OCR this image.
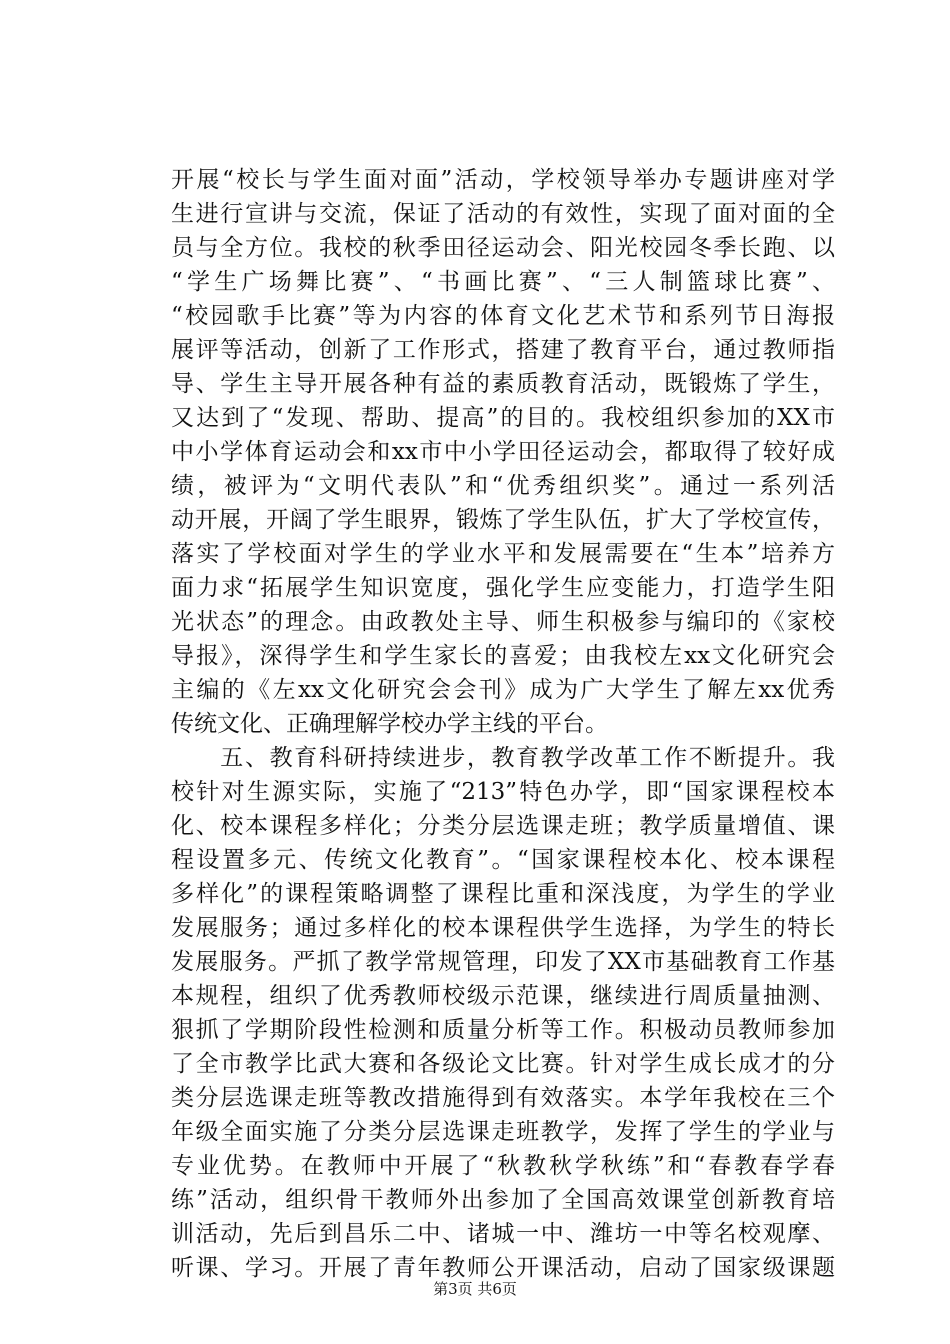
开展“校长与学生面对面”活动，学校领导举办专题讲座对学
生进行宣讲与交流，保证了活动的有效性，实现了面对面的全
员与全方位。我校的秋季田径运动会、阳光校园冬季长跑、以
“学生广场舞比赛”、“书画比赛”、“三人制篮球比赛”、
“校园歌手比赛”等为内容的体育文化艺术节和系列节日海报
展评等活动，创新了工作形式，搭建了教育平台，通过教师指
导、学生主导开展各种有益的素质教育活动，既锻炼了学生，
又达到了“发现、帮助、提高”的目的。我校组织参加的XX市
中小学体育运动会和xx市中小学田径运动会，都取得了较好成
绩，被评为“文明代表队”和“优秀组织奖”。通过一系列活
动开展，开阔了学生眼界，锻炼了学生队伍，扩大了学校宣传，
落实了学校面对学生的学业水平和发展需要在“生本”培养方
面力求“拓展学生知识宽度，强化学生应变能力，打造学生阳
光状态”的理念。由政教处主导、师生积极参与编印的《家校
导报》，深得学生和学生家长的喜爱；由我校左xx文化研究会
主编的《左xx文化研究会会刊》成为广大学生了解左xx优秀
传统文化、正确理解学校办学主线的平台。
　　五、教育科研持续进步，教育教学改革工作不断提升。我
校针对生源实际，实施了“213”特色办学，即“国家课程校本
化、校本课程多样化；分类分层选课走班；教学质量增值、课
程设置多元、传统文化教育”。“国家课程校本化、校本课程
多样化”的课程策略调整了课程比重和深浅度，为学生的学业
发展服务；通过多样化的校本课程供学生选择，为学生的特长
发展服务。严抓了教学常规管理，印发了XX市基础教育工作基
本规程，组织了优秀教师校级示范课，继续进行周质量抽测、
狠抓了学期阶段性检测和质量分析等工作。积极动员教师参加
了全市教学比武大赛和各级论文比赛。针对学生成长成才的分
类分层选课走班等教改措施得到有效落实。本学年我校在三个
年级全面实施了分类分层选课走班教学，发挥了学生的学业与
专业优势。在教师中开展了“秋教秋学秋练”和“春教春学春
练”活动，组织骨干教师外出参加了全国高效课堂创新教育培
训活动，先后到昌乐二中、诸城一中、潍坊一中等名校观摩、
听课、学习。开展了青年教师公开课活动，启动了国家级课题
第3页 共6页
